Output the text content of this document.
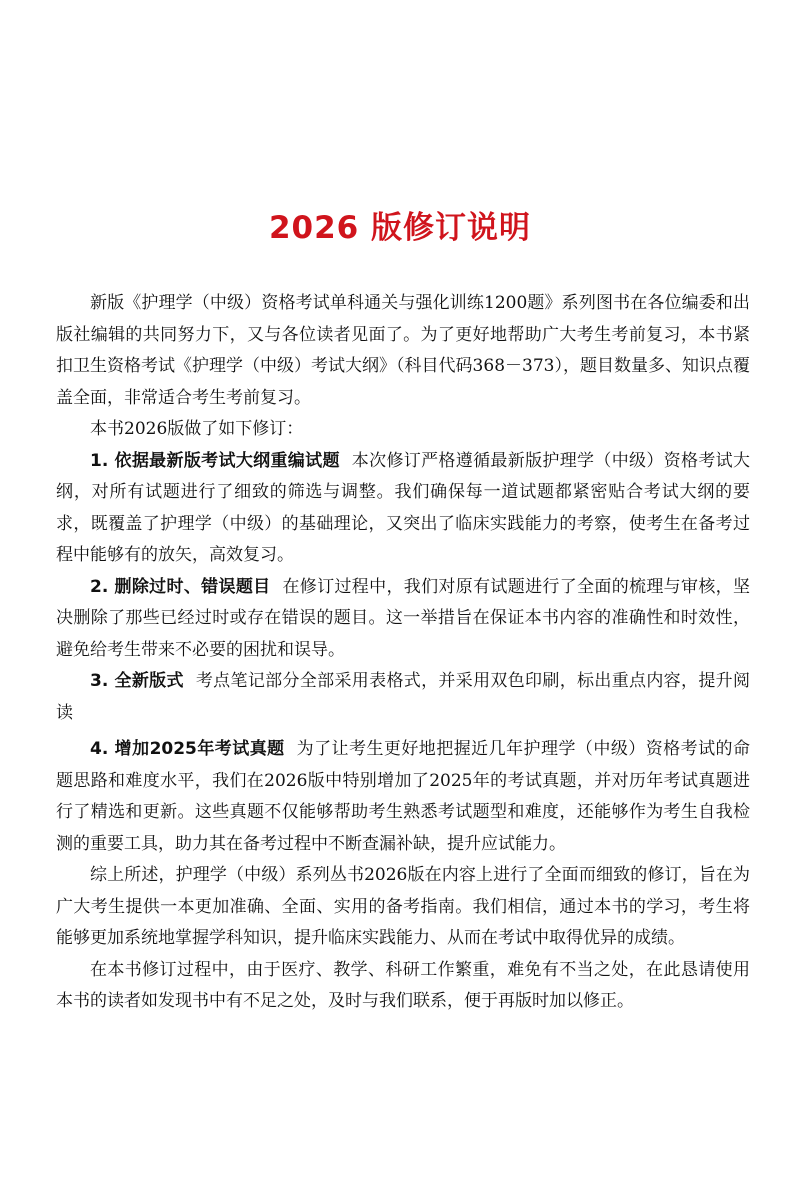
2026 版修订说明

新版《护理学（中级）资格考试单科通关与强化训练1200题》系列图书在各位编委和出版社编辑的共同努力下，又与各位读者见面了。为了更好地帮助广大考生考前复习，本书紧扣卫生资格考试《护理学（中级）考试大纲》（科目代码368－373），题目数量多、知识点覆盖全面，非常适合考生考前复习。

本书2026版做了如下修订：

1. 依据最新版考试大纲重编试题 本次修订严格遵循最新版护理学（中级）资格考试大纲，对所有试题进行了细致的筛选与调整。我们确保每一道试题都紧密贴合考试大纲的要求，既覆盖了护理学（中级）的基础理论，又突出了临床实践能力的考察，使考生在备考过程中能够有的放矢，高效复习。

2. 删除过时、错误题目 在修订过程中，我们对原有试题进行了全面的梳理与审核，坚决删除了那些已经过时或存在错误的题目。这一举措旨在保证本书内容的准确性和时效性，避免给考生带来不必要的困扰和误导。

3. 全新版式 考点笔记部分全部采用表格式，并采用双色印刷，标出重点内容，提升阅读

4. 增加2025年考试真题 为了让考生更好地把握近几年护理学（中级）资格考试的命题思路和难度水平，我们在2026版中特别增加了2025年的考试真题，并对历年考试真题进行了精选和更新。这些真题不仅能够帮助考生熟悉考试题型和难度，还能够作为考生自我检测的重要工具，助力其在备考过程中不断查漏补缺，提升应试能力。

综上所述，护理学（中级）系列丛书2026版在内容上进行了全面而细致的修订，旨在为广大考生提供一本更加准确、全面、实用的备考指南。我们相信，通过本书的学习，考生将能够更加系统地掌握学科知识，提升临床实践能力、从而在考试中取得优异的成绩。

在本书修订过程中，由于医疗、教学、科研工作繁重，难免有不当之处，在此恳请使用本书的读者如发现书中有不足之处，及时与我们联系，便于再版时加以修正。
